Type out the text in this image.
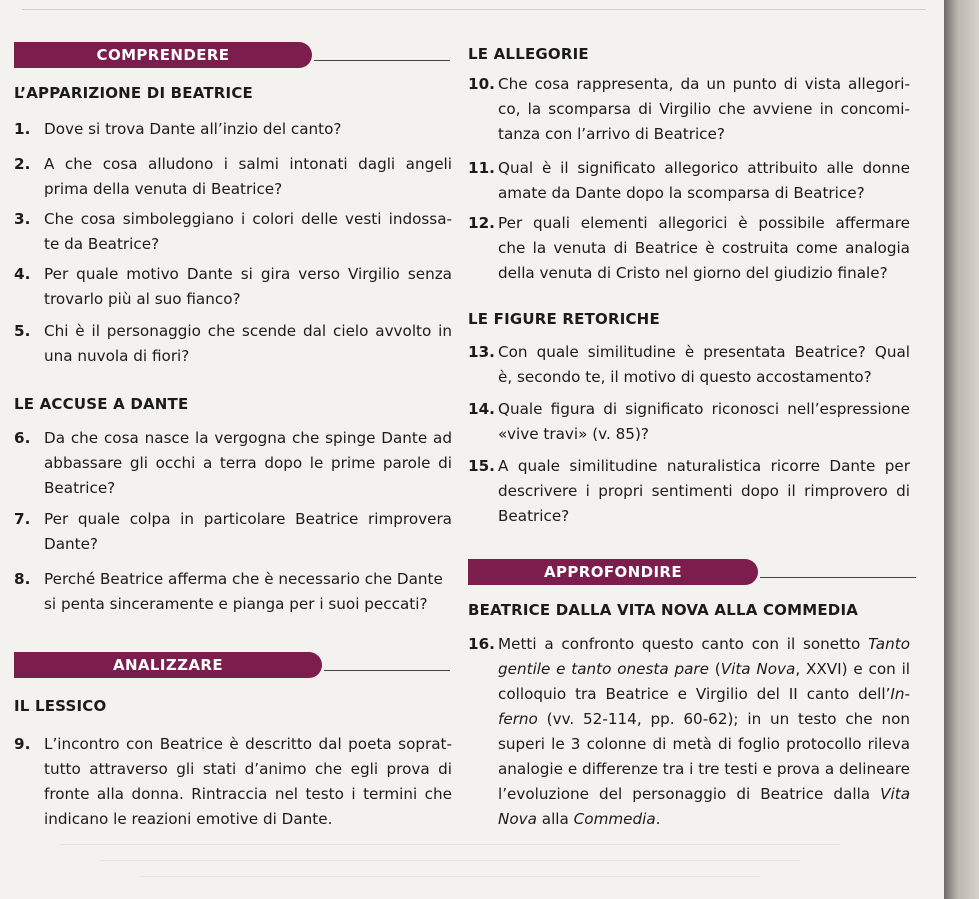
COMPRENDERE
L’APPARIZIONE DI BEATRICE
1. Dove si trova Dante all’inzio del canto?
2. A che cosa alludono i salmi intonati dagli angeli
prima della venuta di Beatrice?
3. Che cosa simboleggiano i colori delle vesti indossa-
te da Beatrice?
4. Per quale motivo Dante si gira verso Virgilio senza
trovarlo più al suo fianco?
5. Chi è il personaggio che scende dal cielo avvolto in
una nuvola di fiori?
LE ACCUSE A DANTE
6. Da che cosa nasce la vergogna che spinge Dante ad
abbassare gli occhi a terra dopo le prime parole di
Beatrice?
7. Per quale colpa in particolare Beatrice rimprovera
Dante?
8. Perché Beatrice afferma che è necessario che Dante
si penta sinceramente e pianga per i suoi peccati?
ANALIZZARE
IL LESSICO
9. L’incontro con Beatrice è descritto dal poeta soprat-
tutto attraverso gli stati d’animo che egli prova di
fronte alla donna. Rintraccia nel testo i termini che
indicano le reazioni emotive di Dante.
LE ALLEGORIE
10. Che cosa rappresenta, da un punto di vista allegori-
co, la scomparsa di Virgilio che avviene in concomi-
tanza con l’arrivo di Beatrice?
11. Qual è il significato allegorico attribuito alle donne
amate da Dante dopo la scomparsa di Beatrice?
12. Per quali elementi allegorici è possibile affermare
che la venuta di Beatrice è costruita come analogia
della venuta di Cristo nel giorno del giudizio finale?
LE FIGURE RETORICHE
13. Con quale similitudine è presentata Beatrice? Qual
è, secondo te, il motivo di questo accostamento?
14. Quale figura di significato riconosci nell’espressione
«vive travi» (v. 85)?
15. A quale similitudine naturalistica ricorre Dante per
descrivere i propri sentimenti dopo il rimprovero di
Beatrice?
APPROFONDIRE
BEATRICE DALLA VITA NOVA ALLA COMMEDIA
16. Metti a confronto questo canto con il sonetto Tanto
gentile e tanto onesta pare (Vita Nova, XXVI) e con il
colloquio tra Beatrice e Virgilio del II canto dell’In-
ferno (vv. 52-114, pp. 60-62); in un testo che non
superi le 3 colonne di metà di foglio protocollo rileva
analogie e differenze tra i tre testi e prova a delineare
l’evoluzione del personaggio di Beatrice dalla Vita
Nova alla Commedia.
